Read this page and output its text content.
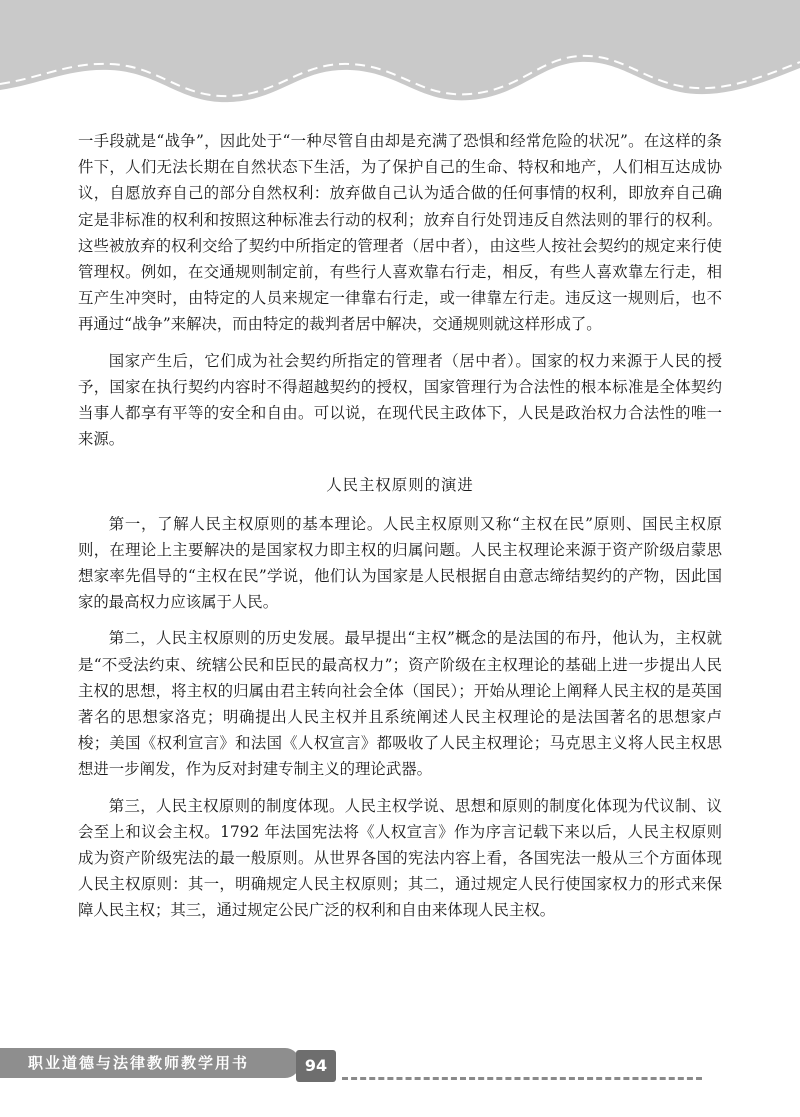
一手段就是“战争”，因此处于“一种尽管自由却是充满了恐惧和经常危险的状况”。在这样的条件下，人们无法长期在自然状态下生活，为了保护自己的生命、特权和地产，人们相互达成协议，自愿放弃自己的部分自然权利：放弃做自己认为适合做的任何事情的权利，即放弃自己确定是非标准的权利和按照这种标准去行动的权利；放弃自行处罚违反自然法则的罪行的权利。这些被放弃的权利交给了契约中所指定的管理者（居中者），由这些人按社会契约的规定来行使管理权。例如，在交通规则制定前，有些行人喜欢靠右行走，相反，有些人喜欢靠左行走，相互产生冲突时，由特定的人员来规定一律靠右行走，或一律靠左行走。违反这一规则后，也不再通过“战争”来解决，而由特定的裁判者居中解决，交通规则就这样形成了。

国家产生后，它们成为社会契约所指定的管理者（居中者）。国家的权力来源于人民的授予，国家在执行契约内容时不得超越契约的授权，国家管理行为合法性的根本标准是全体契约当事人都享有平等的安全和自由。可以说，在现代民主政体下，人民是政治权力合法性的唯一来源。

人民主权原则的演进

第一，了解人民主权原则的基本理论。人民主权原则又称“主权在民”原则、国民主权原则，在理论上主要解决的是国家权力即主权的归属问题。人民主权理论来源于资产阶级启蒙思想家率先倡导的“主权在民”学说，他们认为国家是人民根据自由意志缔结契约的产物，因此国家的最高权力应该属于人民。

第二，人民主权原则的历史发展。最早提出“主权”概念的是法国的布丹，他认为，主权就是“不受法约束、统辖公民和臣民的最高权力”；资产阶级在主权理论的基础上进一步提出人民主权的思想，将主权的归属由君主转向社会全体（国民）；开始从理论上阐释人民主权的是英国著名的思想家洛克；明确提出人民主权并且系统阐述人民主权理论的是法国著名的思想家卢梭；美国《权利宣言》和法国《人权宣言》都吸收了人民主权理论；马克思主义将人民主权思想进一步阐发，作为反对封建专制主义的理论武器。

第三，人民主权原则的制度体现。人民主权学说、思想和原则的制度化体现为代议制、议会至上和议会主权。1792 年法国宪法将《人权宣言》作为序言记载下来以后，人民主权原则成为资产阶级宪法的最一般原则。从世界各国的宪法内容上看，各国宪法一般从三个方面体现人民主权原则：其一，明确规定人民主权原则；其二，通过规定人民行使国家权力的形式来保障人民主权；其三，通过规定公民广泛的权利和自由来体现人民主权。

职业道德与法律教师教学用书	94
